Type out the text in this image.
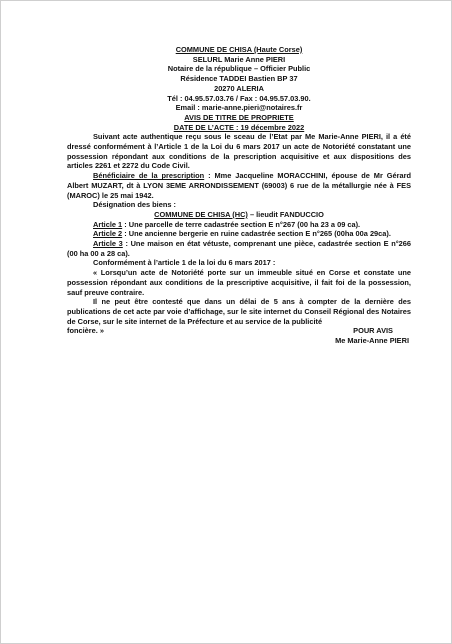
COMMUNE DE CHISA (Haute Corse)

SELURL Marie Anne PIERI

Notaire de la république – Officier Public

Résidence TADDEI Bastien BP 37

20270 ALERIA

Tél : 04.95.57.03.76 / Fax : 04.95.57.03.90.

Email : marie-anne.pieri@notaires.fr

AVIS DE TITRE DE PROPRIETE

DATE DE L’ACTE : 19 décembre 2022

Suivant acte authentique reçu sous le sceau de l’Etat par Me Marie-Anne PIERI, il a été dressé conformément à l’Article 1 de la Loi du 6 mars 2017 un acte de Notoriété constatant une possession répondant aux conditions de la prescription acquisitive et aux dispositions des articles 2261 et 2272 du Code Civil.

Bénéficiaire de la prescription : Mme Jacqueline MORACCHINI, épouse de Mr Gérard Albert MUZART, dt à LYON 3EME ARRONDISSEMENT (69003) 6 rue de la métallurgie née à FES (MAROC) le 25 mai 1942.

Désignation des biens :

COMMUNE DE CHISA (HC) – lieudit FANDUCCIO

Article 1 : Une parcelle de terre cadastrée section E n°267 (00 ha 23 a 09 ca).

Article 2 : Une ancienne bergerie en ruine cadastrée section E n°265 (00ha 00a 29ca).

Article 3 : Une maison en état vétuste, comprenant une pièce, cadastrée section E n°266 (00 ha 00 a 28 ca).

Conformément à l’article 1 de la loi du 6 mars 2017 :

« Lorsqu’un acte de Notoriété porte sur un immeuble situé en Corse et constate une possession répondant aux conditions de la prescriptive acquisitive, il fait foi de la possession, sauf preuve contraire.

Il ne peut être contesté que dans un délai de 5 ans à compter de la dernière des publications de cet acte par voie d’affichage, sur le site internet du Conseil Régional des Notaires de Corse, sur le site internet de la Préfecture et au service de la publicité

foncière. »	POUR AVIS

Me Marie-Anne PIERI
